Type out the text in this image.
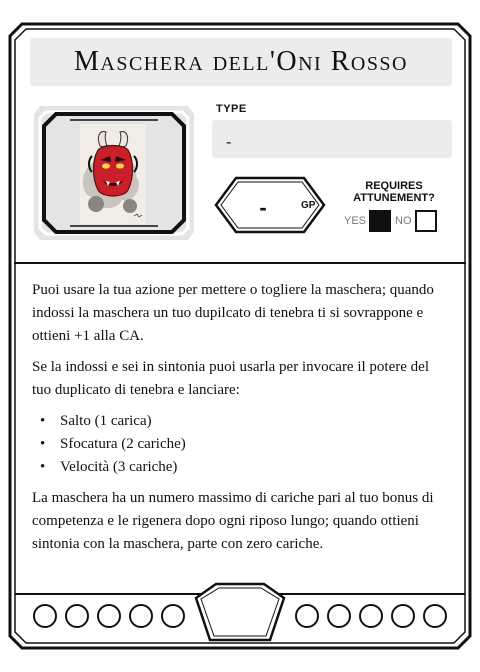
Maschera dell'Oni Rosso
TYPE
-
-	GP
REQUIRES ATTUNEMENT?
YES	NO

Puoi usare la tua azione per mettere o togliere la maschera; quando indossi la maschera un tuo dupilcato di tenebra ti si sovrappone e ottieni +1 alla CA.

Se la indossi e sei in sintonia puoi usarla per invocare il potere del tuo duplicato di tenebra e lanciare:

• Salto (1 carica)
• Sfocatura (2 cariche)
• Velocità (3 cariche)

La maschera ha un numero massimo di cariche pari al tuo bonus di competenza e le rigenera dopo ogni riposo lungo; quando ottieni sintonia con la maschera, parte con zero cariche.
